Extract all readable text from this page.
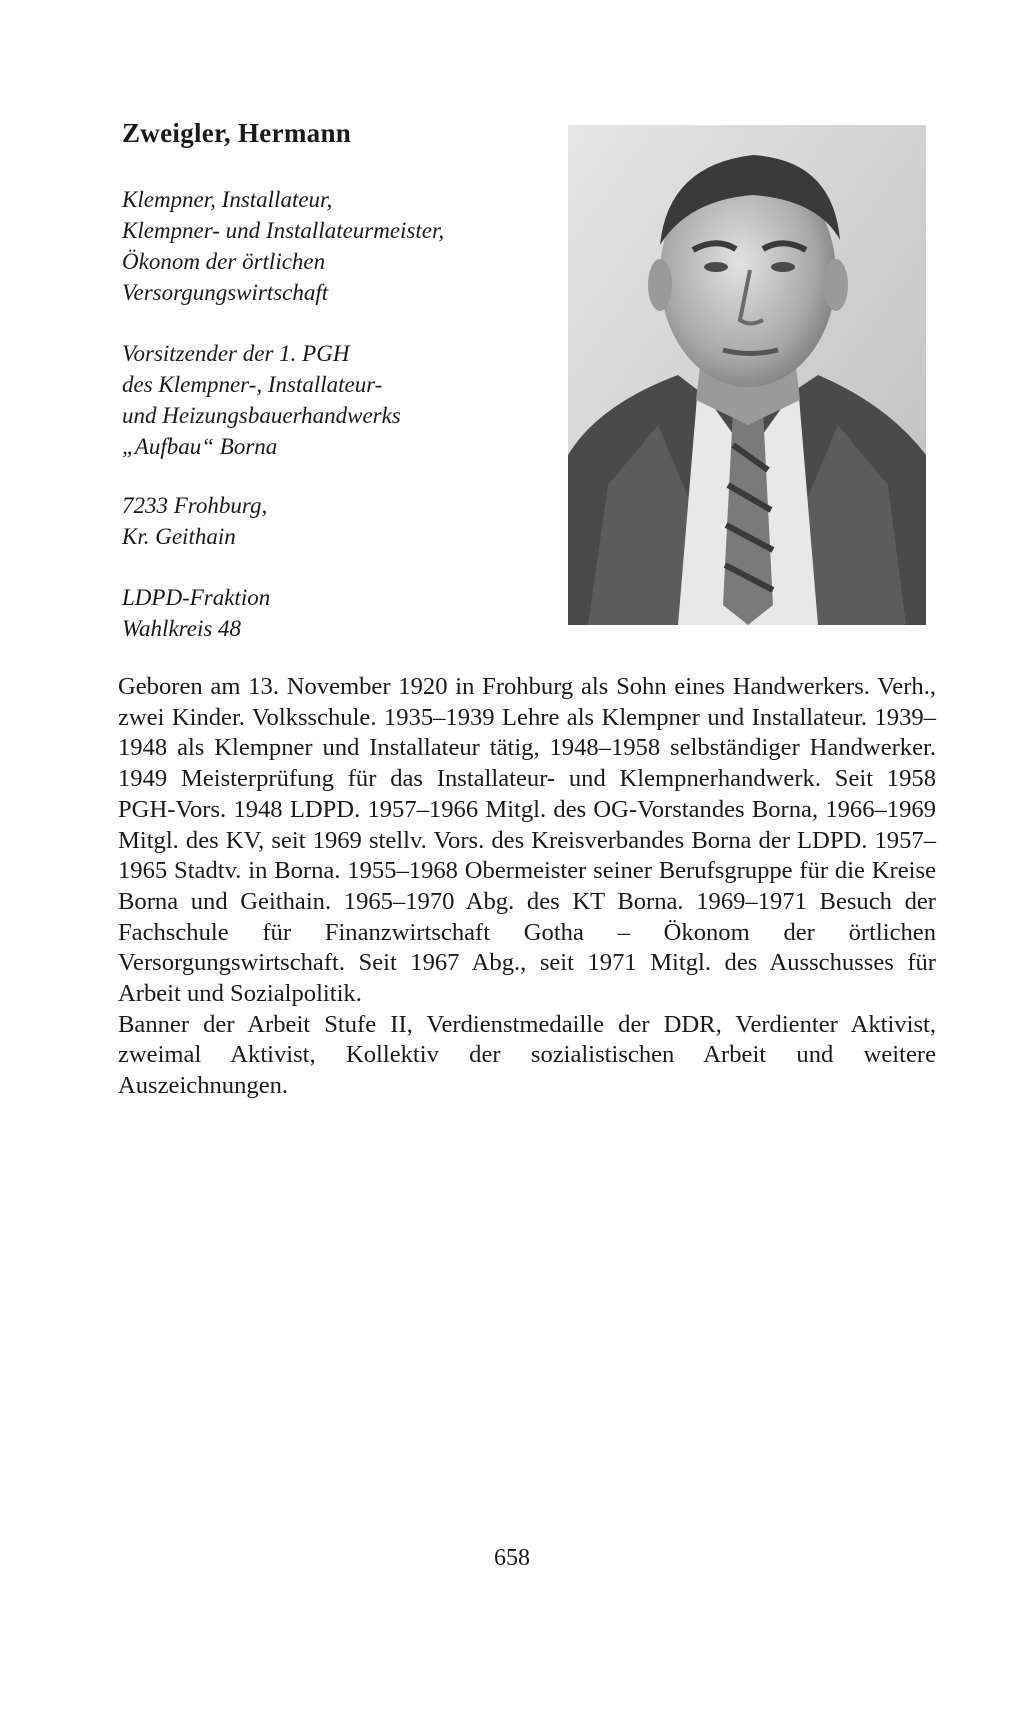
Zweigler, Hermann
Klempner, Installateur,
Klempner- und Installateurmeister,
Ökonom der örtlichen
Versorgungswirtschaft
Vorsitzender der 1. PGH
des Klempner-, Installateur-
und Heizungsbauerhandwerks
„Aufbau“ Borna
7233 Frohburg,
Kr. Geithain
LDPD-Fraktion
Wahlkreis 48

Geboren am 13. November 1920 in Frohburg als Sohn eines Handwerkers. Verh., zwei Kinder. Volksschule. 1935–1939 Lehre als Klempner und Installateur. 1939–1948 als Klempner und Installateur tätig, 1948–1958 selbständiger Handwerker. 1949 Meisterprüfung für das Installateur- und Klempnerhandwerk. Seit 1958 PGH-Vors. 1948 LDPD. 1957–1966 Mitgl. des OG-Vorstandes Borna, 1966–1969 Mitgl. des KV, seit 1969 stellv. Vors. des Kreisverbandes Borna der LDPD. 1957–1965 Stadtv. in Borna. 1955–1968 Obermeister seiner Berufsgruppe für die Kreise Borna und Geithain. 1965–1970 Abg. des KT Borna. 1969–1971 Besuch der Fachschule für Finanzwirtschaft Gotha – Ökonom der örtlichen Versorgungswirtschaft. Seit 1967 Abg., seit 1971 Mitgl. des Ausschusses für Arbeit und Sozialpolitik.

Banner der Arbeit Stufe II, Verdienstmedaille der DDR, Verdienter Aktivist, zweimal Aktivist, Kollektiv der sozialistischen Arbeit und weitere Auszeichnungen.

658
